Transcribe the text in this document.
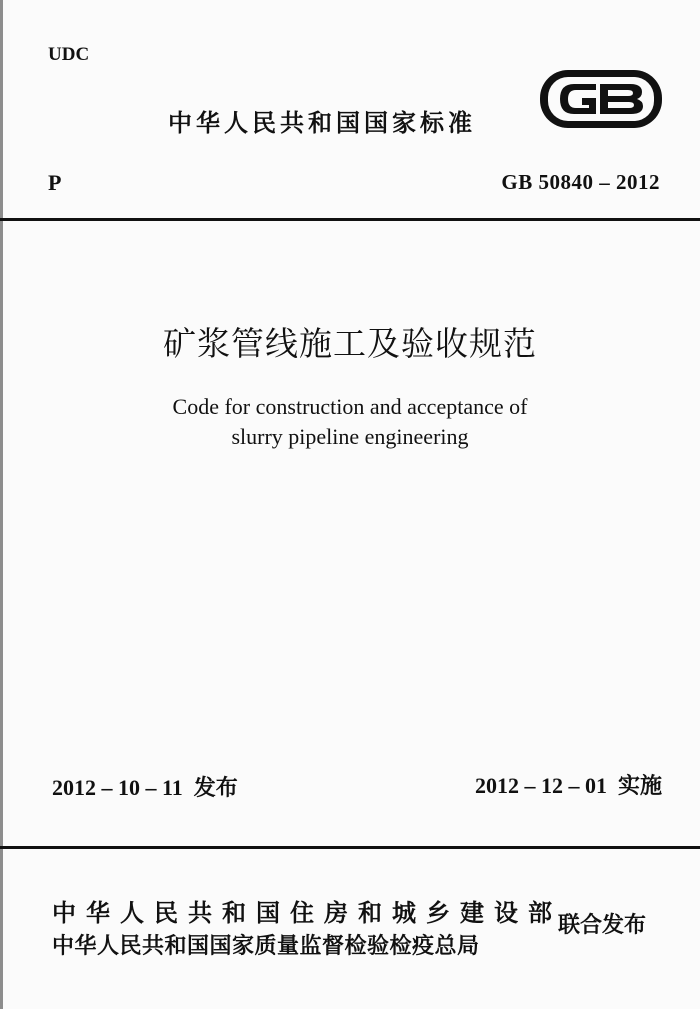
UDC
中华人民共和国国家标准
P	GB 50840 – 2012
矿浆管线施工及验收规范
Code for construction and acceptance of
slurry pipeline engineering
2012 – 10 – 11  发布	2012 – 12 – 01  实施
中华人民共和国住房和城乡建设部
中华人民共和国国家质量监督检验检疫总局
联合发布
